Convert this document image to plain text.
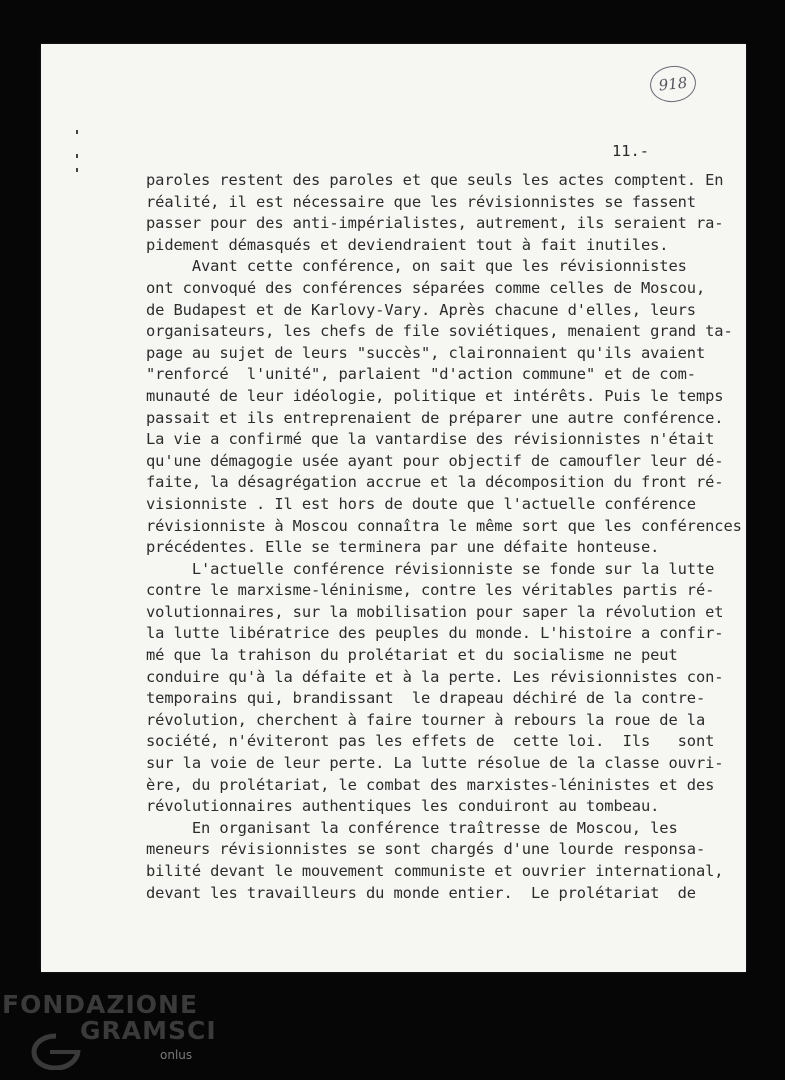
918
11.-
paroles restent des paroles et que seuls les actes comptent. En
réalité, il est nécessaire que les révisionnistes se fassent
passer pour des anti-impérialistes, autrement, ils seraient ra-
pidement démasqués et deviendraient tout à fait inutiles.
Avant cette conférence, on sait que les révisionnistes
ont convoqué des conférences séparées comme celles de Moscou,
de Budapest et de Karlovy-Vary. Après chacune d'elles, leurs
organisateurs, les chefs de file soviétiques, menaient grand ta-
page au sujet de leurs "succès", claironnaient qu'ils avaient
"renforcé  l'unité", parlaient "d'action commune" et de com-
munauté de leur idéologie, politique et intérêts. Puis le temps
passait et ils entreprenaient de préparer une autre conférence.
La vie a confirmé que la vantardise des révisionnistes n'était
qu'une démagogie usée ayant pour objectif de camoufler leur dé-
faite, la désagrégation accrue et la décomposition du front ré-
visionniste . Il est hors de doute que l'actuelle conférence
révisionniste à Moscou connaîtra le même sort que les conférences
précédentes. Elle se terminera par une défaite honteuse.
L'actuelle conférence révisionniste se fonde sur la lutte
contre le marxisme-léninisme, contre les véritables partis ré-
volutionnaires, sur la mobilisation pour saper la révolution et
la lutte libératrice des peuples du monde. L'histoire a confir-
mé que la trahison du prolétariat et du socialisme ne peut
conduire qu'à la défaite et à la perte. Les révisionnistes con-
temporains qui, brandissant  le drapeau déchiré de la contre-
révolution, cherchent à faire tourner à rebours la roue de la
société, n'éviteront pas les effets de  cette loi.  Ils   sont
sur la voie de leur perte. La lutte résolue de la classe ouvri-
ère, du prolétariat, le combat des marxistes-léninistes et des
révolutionnaires authentiques les conduiront au tombeau.
En organisant la conférence traîtresse de Moscou, les
meneurs révisionnistes se sont chargés d'une lourde responsa-
bilité devant le mouvement communiste et ouvrier international,
devant les travailleurs du monde entier.  Le prolétariat  de
FONDAZIONE
GRAMSCI
onlus
